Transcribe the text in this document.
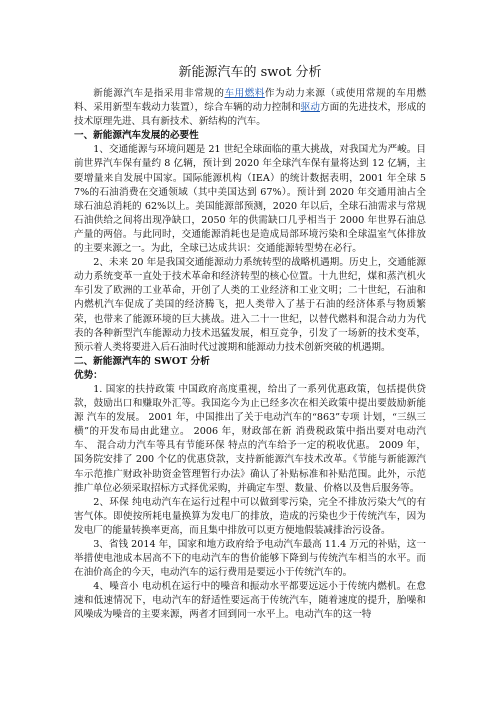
新能源汽车的 swot 分析

新能源汽车是指采用非常规的车用燃料作为动力来源（或使用常规的车用燃料、采用新型车载动力装置），综合车辆的动力控制和驱动方面的先进技术，形成的技术原理先进、具有新技术、新结构的汽车。

一、新能源汽车发展的必要性

1、交通能源与环境问题是 21 世纪全球面临的重大挑战，对我国尤为严峻。目前世界汽车保有量约 8 亿辆，预计到 2020 年全球汽车保有量将达到 12 亿辆，主要增量来自发展中国家。国际能源机构（IEA）的统计数据表明，2001 年全球 57%的石油消费在交通领域（其中美国达到 67%）。预计到 2020 年交通用油占全球石油总消耗的 62%以上。美国能源部预测，2020 年以后，全球石油需求与常规石油供给之间将出现净缺口，2050 年的供需缺口几乎相当于 2000 年世界石油总产量的两倍。与此同时，交通能源消耗也是造成局部环境污染和全球温室气体排放的主要来源之一。为此，全球已达成共识：交通能源转型势在必行。

2、未来 20 年是我国交通能源动力系统转型的战略机遇期。历史上，交通能源动力系统变革一直处于技术革命和经济转型的核心位置。十九世纪，煤和蒸汽机火车引发了欧洲的工业革命，开创了人类的工业经济和工业文明；二十世纪，石油和内燃机汽车促成了美国的经济腾飞，把人类带入了基于石油的经济体系与物质繁荣，也带来了能源环境的巨大挑战。进入二十一世纪，以替代燃料和混合动力为代表的各种新型汽车能源动力技术迅猛发展，相互竞争，引发了一场新的技术变革，预示着人类将要进入后石油时代过渡期和能源动力技术创新突破的机遇期。

二、新能源汽车的 SWOT 分析
优势：

1. 国家的扶持政策 中国政府高度重视，给出了一系列优惠政策，包括提供贷款，鼓励出口和赚取外汇等。我国迄今为止已经多次在相关政策中提出要鼓励新能源 汽车的发展。 2001 年，中国推出了关于电动汽车的“863”专项 计划，“三纵三横”的开发布局由此建立。 2006 年，财政部在新 消费税政策中指出要对电动汽车、 混合动力汽车等具有节能环保 特点的汽车给予一定的税收优惠。 2009 年，国务院安排了 200 个亿的优惠贷款，支持新能源汽车技术改革。《节能与新能源汽车示范推广财政补助资金管理暂行办法》确认了补贴标准和补贴范围。此外，示范推广单位必须采取招标方式择优采购，并确定车型、数量、价格以及售后服务等。

2、环保 纯电动汽车在运行过程中可以做到零污染，完全不排放污染大气的有害气体。即使按所耗电量换算为发电厂的排放，造成的污染也少于传统汽车，因为发电厂的能量转换率更高，而且集中排放可以更方便地假装减排治污设备。

3、省钱 2014 年，国家和地方政府给予电动汽车最高 11.4 万元的补贴，这一举措使电池成本居高不下的电动汽车的售价能够下降到与传统汽车相当的水平。而在油价高企的今天，电动汽车的运行费用是要远小于传统汽车的。

4、噪音小 电动机在运行中的噪音和振动水平都要远远小于传统内燃机。在怠速和低速情况下，电动汽车的舒适性要远高于传统汽车，随着速度的提升，胎噪和风噪成为噪音的主要来源，两者才回到同一水平上。电动汽车的这一特
